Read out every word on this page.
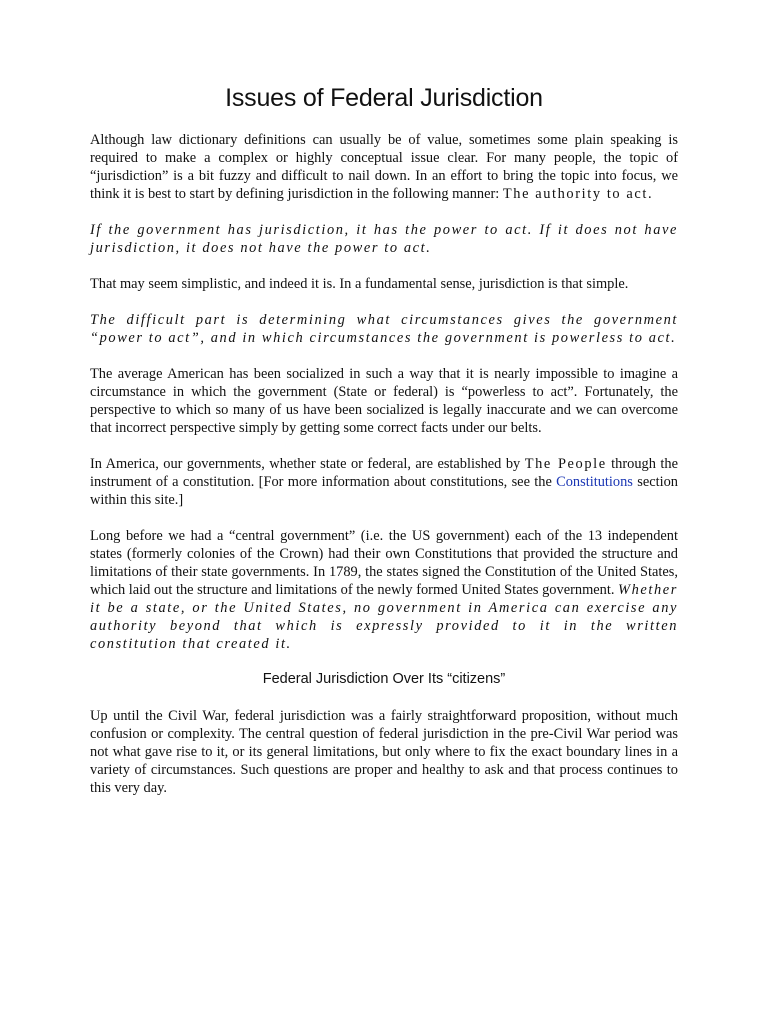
Issues of Federal Jurisdiction

Although law dictionary definitions can usually be of value, sometimes some plain speaking is required to make a complex or highly conceptual issue clear. For many people, the topic of “jurisdiction” is a bit fuzzy and difficult to nail down. In an effort to bring the topic into focus, we think it is best to start by defining jurisdiction in the following manner: The authority to act.

If the government has jurisdiction, it has the power to act. If it does not have jurisdiction, it does not have the power to act.

That may seem simplistic, and indeed it is. In a fundamental sense, jurisdiction is that simple.

The difficult part is determining what circumstances gives the government “power to act”, and in which circumstances the government is powerless to act.

The average American has been socialized in such a way that it is nearly impossible to imagine a circumstance in which the government (State or federal) is “powerless to act”. Fortunately, the perspective to which so many of us have been socialized is legally inaccurate and we can overcome that incorrect perspective simply by getting some correct facts under our belts.

In America, our governments, whether state or federal, are established by The People through the instrument of a constitution. [For more information about constitutions, see the Constitutions section within this site.]

Long before we had a “central government” (i.e. the US government) each of the 13 independent states (formerly colonies of the Crown) had their own Constitutions that provided the structure and limitations of their state governments. In 1789, the states signed the Constitution of the United States, which laid out the structure and limitations of the newly formed United States government. Whether it be a state, or the United States, no government in America can exercise any authority beyond that which is expressly provided to it in the written constitution that created it.

Federal Jurisdiction Over Its “citizens”

Up until the Civil War, federal jurisdiction was a fairly straightforward proposition, without much confusion or complexity. The central question of federal jurisdiction in the pre-Civil War period was not what gave rise to it, or its general limitations, but only where to fix the exact boundary lines in a variety of circumstances. Such questions are proper and healthy to ask and that process continues to this very day.
